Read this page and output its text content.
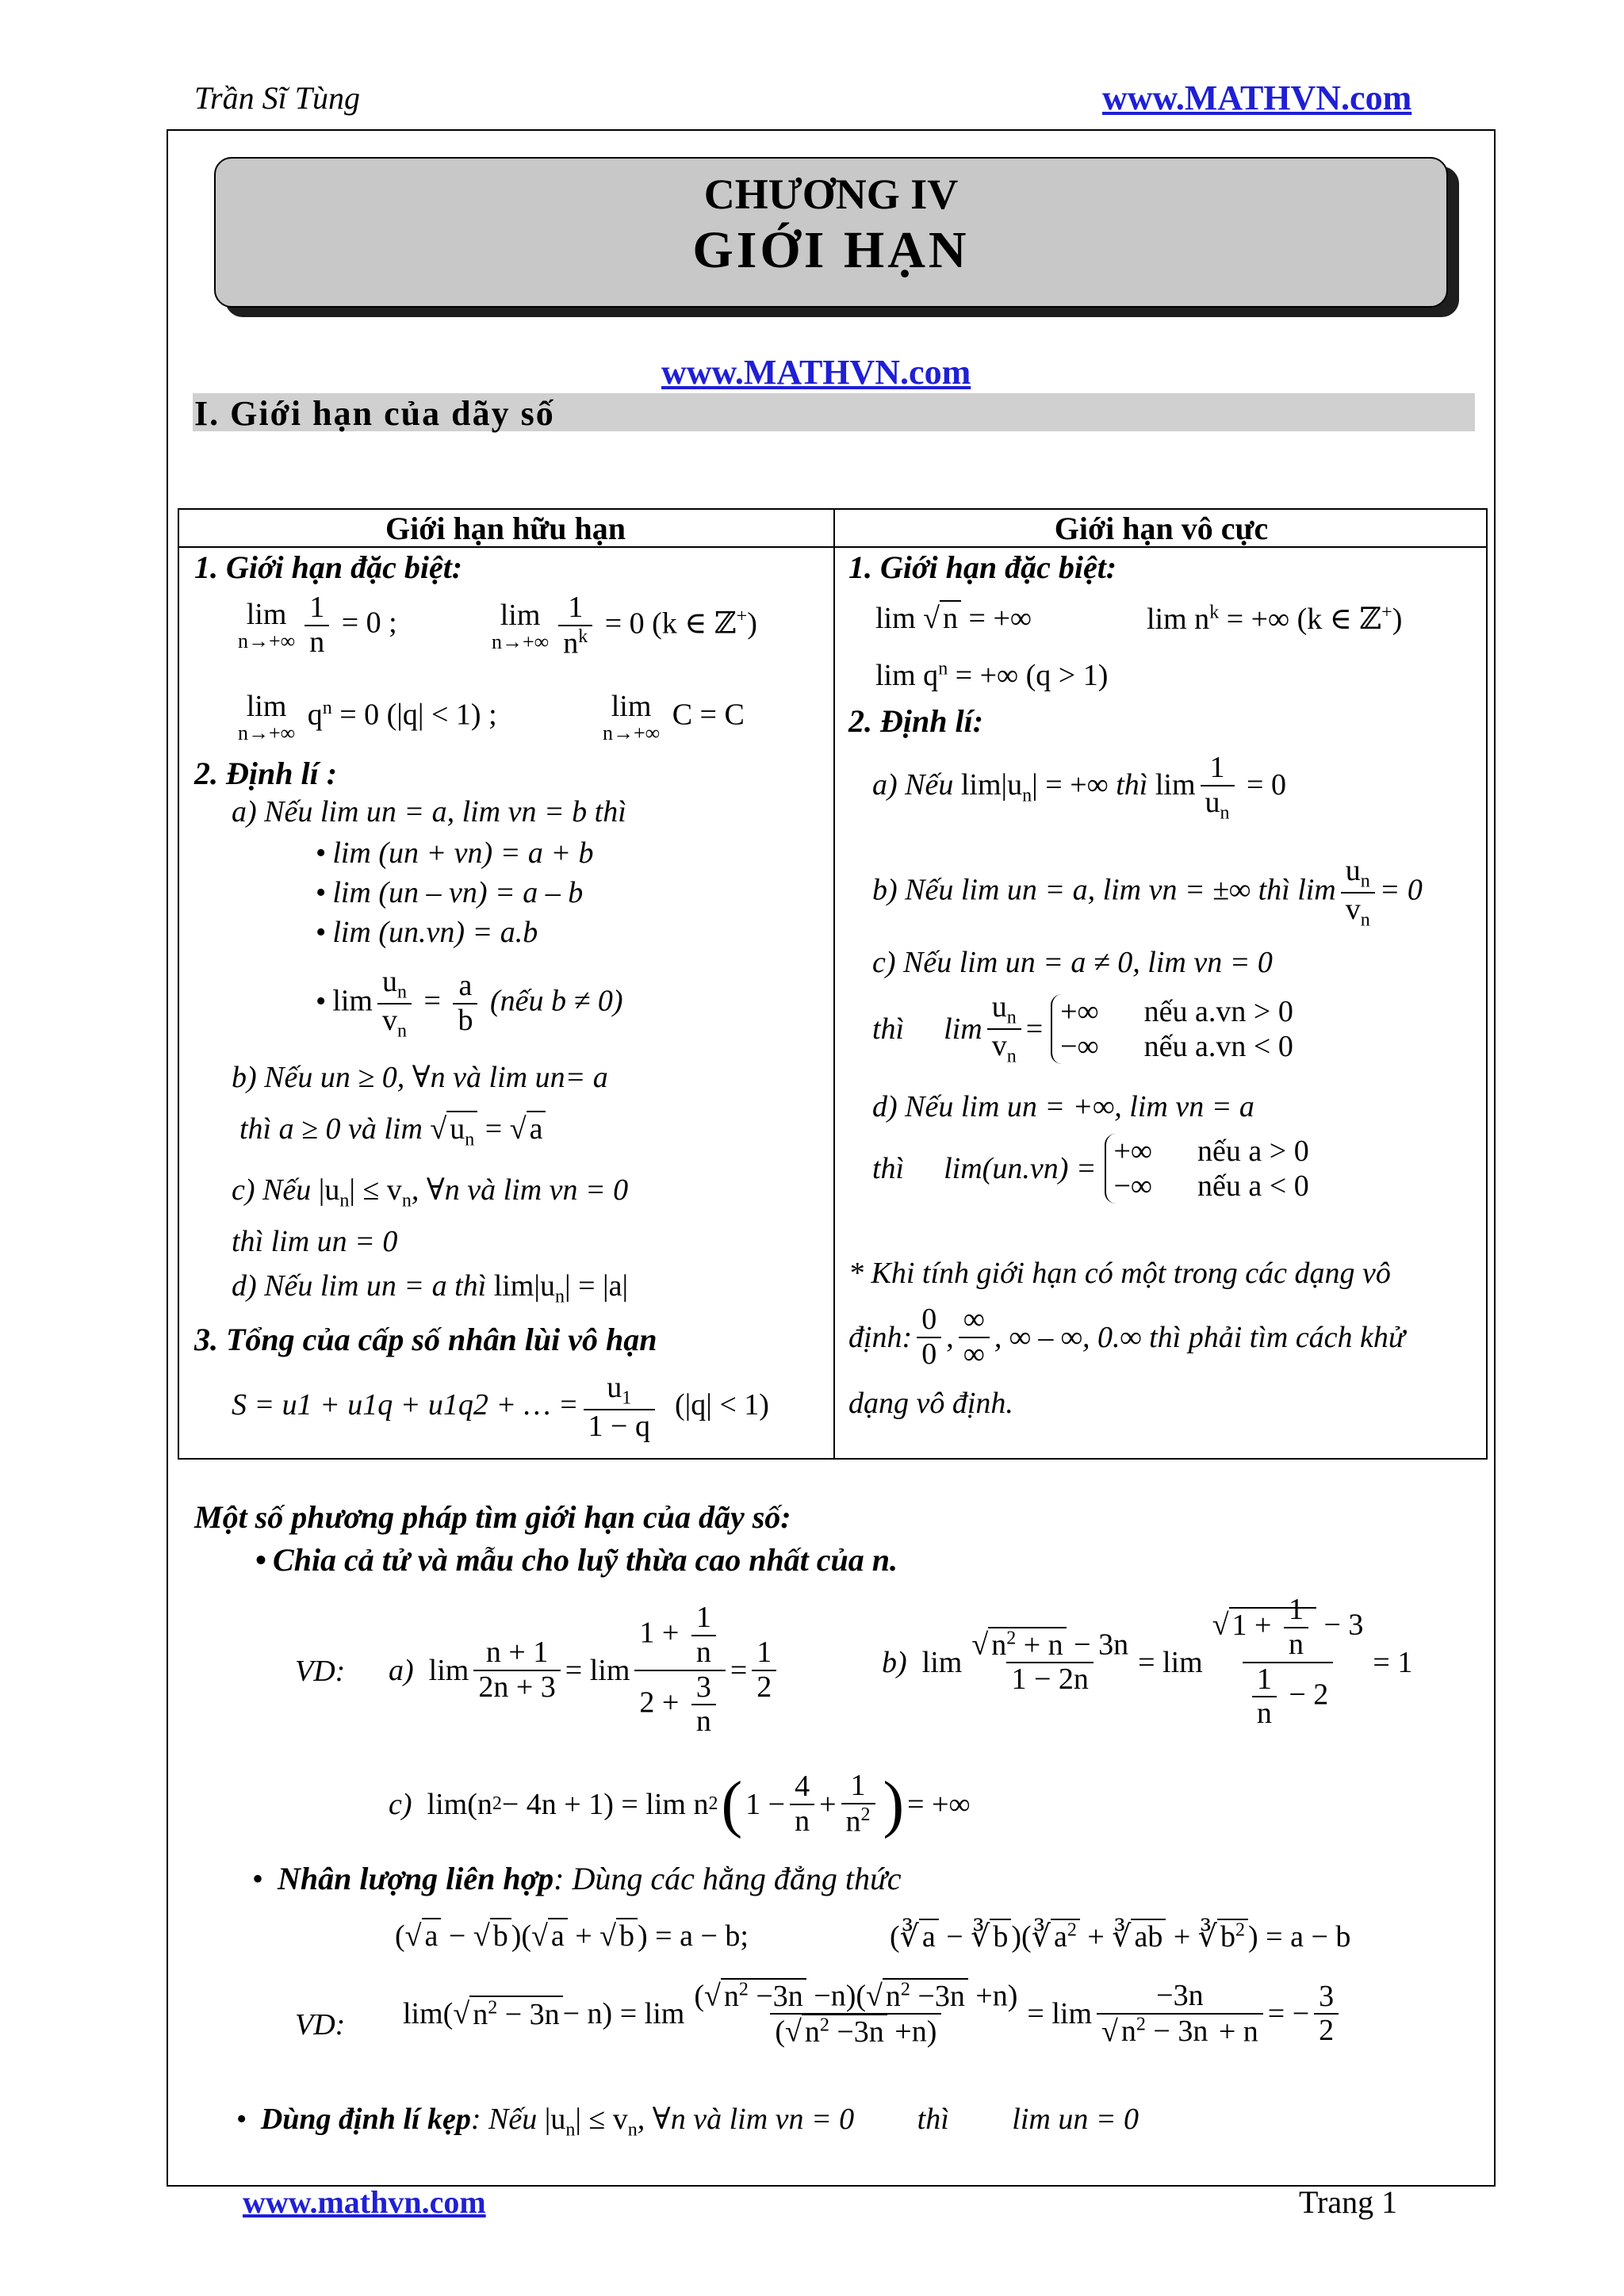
Trần Sĩ Tùng	www.MATHVN.com
CHƯƠNG IV
GIỚI HẠN
www.MATHVN.com
I. Giới hạn của dãy số
Giới hạn hữu hạn	Giới hạn vô cực
1. Giới hạn đặc biệt:
lim
$n\to+\infty \frac{1}{n} = 0$ ;	lim
$n\to+\infty \frac{1}{n^k} = 0$ (k ∈ ℤ+)
lim
n→+∞
$q^n = 0$ (|q| < 1) ;	lim
n→+∞
C = C
2. Định lí :
a) Nếu lim un = a, lim vn = b thì
• lim (un + vn) = a + b
• lim (un – vn) = a – b
• lim (un.vn) = a.b
• $\lim \frac{u_n}{v_n} = \frac{a}{b}$ (nếu b ≠ 0)
b) Nếu un ≥ 0, ∀n và lim un= a
thì a ≥ 0 và lim √ $u_n$ = √ a
c) Nếu $|u_n| \le v_n$, ∀n và lim vn = 0
thì lim un = 0
d) Nếu lim un = a thì $\lim|u_n| = |a|$
3. Tổng của cấp số nhân lùi vô hạn
S = u1 + u1q + u1q2 + … = $\frac{u_1}{1 - q} (|q| < 1)$
1. Giới hạn đặc biệt:
lim √ n = +∞	$\lim n^k$ = +∞ (k ∈ ℤ+)
$\lim q^n$ = +∞ (q > 1)
2. Định lí:
a) Nếu $\lim|u_n|$ = +∞ thì $\lim \frac{1}{u_n} = 0$
b) Nếu lim un = a, lim vn = ±∞ thì $\lim \frac{u_n}{v_n} = 0$
c) Nếu lim un = a ≠ 0, lim vn = 0
thì lim
$u_n$
$v_n$
=
+∞      nếu a.vn > 0
−∞      nếu a.vn < 0
d) Nếu lim un = +∞, lim vn = a
thì lim(un.vn) =
+∞      nếu a > 0
−∞      nếu a < 0
* Khi tính giới hạn có một trong các dạng vô
định:
0
0 ,
∞
∞ , ∞ – ∞, 0.∞ thì phải tìm cách khử
dạng vô định.
Một số phương pháp tìm giới hạn của dãy số:
• Chia cả tử và mẫu cho luỹ thừa cao nhất của n.
VD: a) lim
n + 1
2n + 3 = lim
$1 + \frac{1}{n}$
$2 + \frac{3}{n}$
=
1
2
b) lim
√ $n^2 + n - 3n$
1 − 2n
= lim
√ $1 + \frac{1}{n} - 3$
$\frac{1}{n} - 2$
= 1
c) lim(n 2 − 4n + 1) = lim n 2 ( 1 −
4
n +
1
$n^2$ ) = +∞
• Nhân lượng liên hợp: Dùng các hằng đẳng thức
(√ a − √ b )(√ a + √ b ) = a − b;	(∛ a − ∛ b )(∛ $a^2$ + ∛ ab + ∛ $b^2$ ) = a − b
VD: lim(√ $n^2 - 3n - n) = \lim$
(√ $n^2 -3n -n)(√$ $n^2 -3n +n$)
(√ $n^2 -3n +n$)
= lim
−3n
√ $n^2 - 3n + n$
= −
3
2
• Dùng định lí kẹp: Nếu $|u_n| \le v_n$, ∀n và lim vn = 0 thì lim un = 0
www.mathvn.com	Trang 1
